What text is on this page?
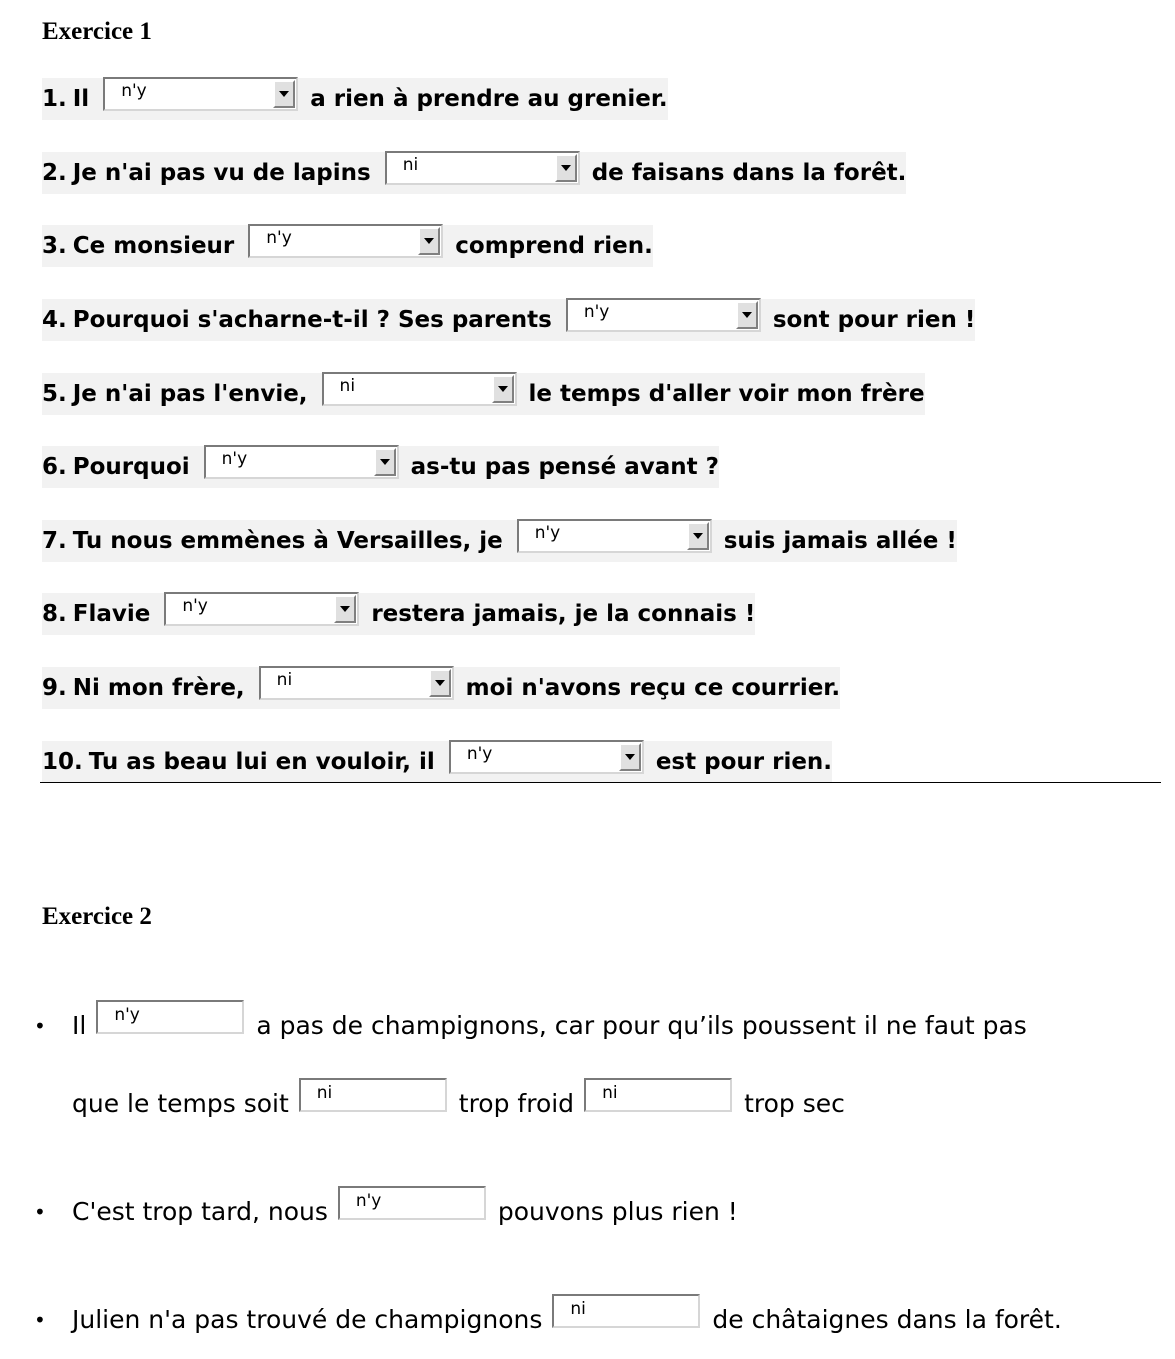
Exercice 1
1. Il	n'y	a rien à prendre au grenier.
2. Je n'ai pas vu de lapins	ni	de faisans dans la forêt.
3. Ce monsieur	n'y	comprend rien.
4. Pourquoi s'acharne-t-il ? Ses parents	n'y	sont pour rien !
5. Je n'ai pas l'envie,	ni	le temps d'aller voir mon frère
6. Pourquoi	n'y	as-tu pas pensé avant ?
7. Tu nous emmènes à Versailles, je	n'y	suis jamais allée !
8. Flavie	n'y	restera jamais, je la connais !
9. Ni mon frère,	ni	moi n'avons reçu ce courrier.
10. Tu as beau lui en vouloir, il	n'y	est pour rien.
Exercice 2
• Il	n'y	a pas de champignons, car pour qu’ils poussent il ne faut pas
que le temps soit	ni	trop froid	ni	trop sec
• C'est trop tard, nous	n'y	pouvons plus rien !
• Julien n'a pas trouvé de champignons	ni	de châtaignes dans la forêt.
